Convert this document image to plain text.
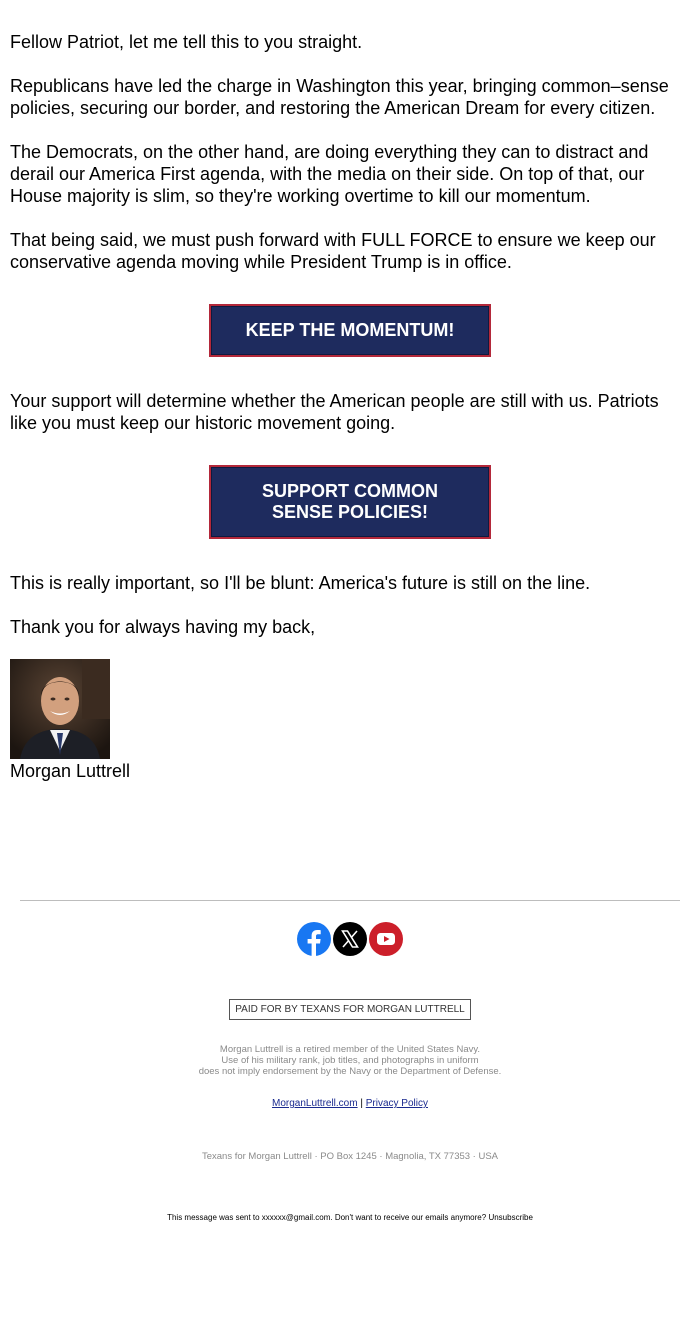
Fellow Patriot, let me tell this to you straight.

Republicans have led the charge in Washington this year, bringing common–sense policies, securing our border, and restoring the American Dream for every citizen.

The Democrats, on the other hand, are doing everything they can to distract and derail our America First agenda, with the media on their side. On top of that, our House majority is slim, so they're working overtime to kill our momentum.

That being said, we must push forward with FULL FORCE to ensure we keep our conservative agenda moving while President Trump is in office.

KEEP THE MOMENTUM!

Your support will determine whether the American people are still with us. Patriots like you must keep our historic movement going.

SUPPORT COMMON SENSE POLICIES!

This is really important, so I'll be blunt: America's future is still on the line.

Thank you for always having my back,

Morgan Luttrell
PAID FOR BY TEXANS FOR MORGAN LUTTRELL
Morgan Luttrell is a retired member of the United States Navy.
Use of his military rank, job titles, and photographs in uniform
does not imply endorsement by the Navy or the Department of Defense.
MorganLuttrell.com | Privacy Policy
Texans for Morgan Luttrell · PO Box 1245 · Magnolia, TX 77353 · USA
This message was sent to xxxxxx@gmail.com. Don't want to receive our emails anymore? Unsubscribe
